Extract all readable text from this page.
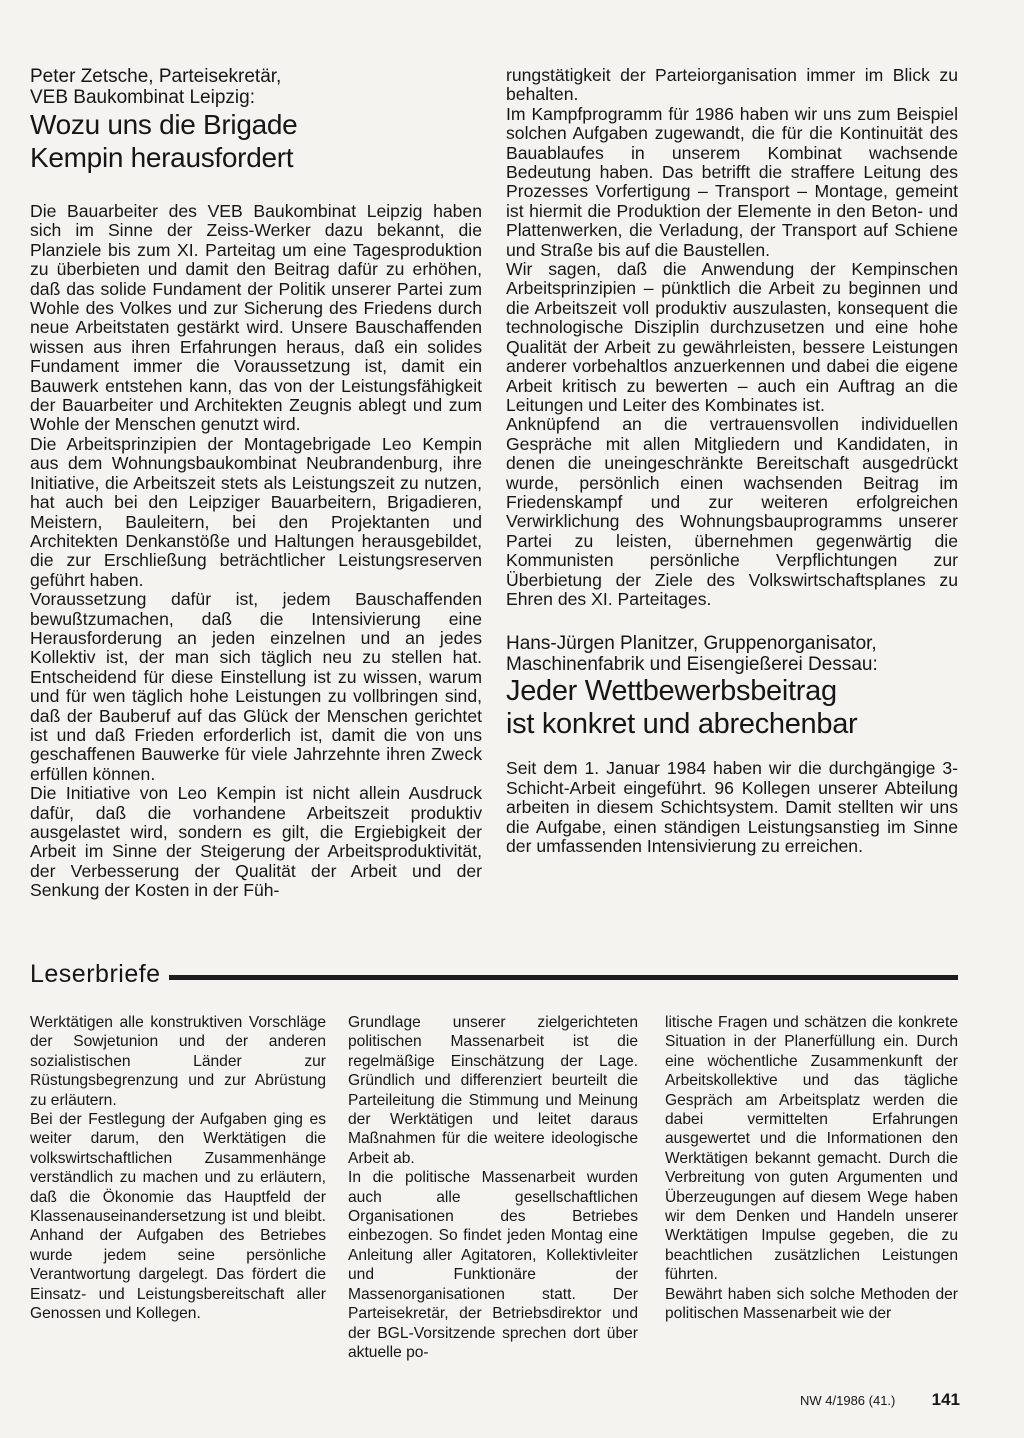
Peter Zetsche, Parteisekretär,
VEB Baukombinat Leipzig:

Wozu uns die Brigade
Kempin herausfordert

Die Bauarbeiter des VEB Baukombinat Leipzig haben sich im Sinne der Zeiss-Werker dazu bekannt, die Planziele bis zum XI. Parteitag um eine Tagesproduktion zu überbieten und damit den Beitrag dafür zu erhöhen, daß das solide Fundament der Politik unserer Partei zum Wohle des Volkes und zur Sicherung des Friedens durch neue Arbeitstaten gestärkt wird. Unsere Bauschaffenden wissen aus ihren Erfahrungen heraus, daß ein solides Fundament immer die Voraussetzung ist, damit ein Bauwerk entstehen kann, das von der Leistungsfähigkeit der Bauarbeiter und Architekten Zeugnis ablegt und zum Wohle der Menschen genutzt wird.

Die Arbeitsprinzipien der Montagebrigade Leo Kempin aus dem Wohnungsbaukombinat Neubrandenburg, ihre Initiative, die Arbeitszeit stets als Leistungszeit zu nutzen, hat auch bei den Leipziger Bauarbeitern, Brigadieren, Meistern, Bauleitern, bei den Projektanten und Architekten Denkanstöße und Haltungen herausgebildet, die zur Erschließung beträchtlicher Leistungsreserven geführt haben.

Voraussetzung dafür ist, jedem Bauschaffenden bewußtzumachen, daß die Intensivierung eine Herausforderung an jeden einzelnen und an jedes Kollektiv ist, der man sich täglich neu zu stellen hat. Entscheidend für diese Einstellung ist zu wissen, warum und für wen täglich hohe Leistungen zu vollbringen sind, daß der Bauberuf auf das Glück der Menschen gerichtet ist und daß Frieden erforderlich ist, damit die von uns geschaffenen Bauwerke für viele Jahrzehnte ihren Zweck erfüllen können.

Die Initiative von Leo Kempin ist nicht allein Ausdruck dafür, daß die vorhandene Arbeitszeit produktiv ausgelastet wird, sondern es gilt, die Ergiebigkeit der Arbeit im Sinne der Steigerung der Arbeitsproduktivität, der Verbesserung der Qualität der Arbeit und der Senkung der Kosten in der Füh-

rungstätigkeit der Parteiorganisation immer im Blick zu behalten.

Im Kampfprogramm für 1986 haben wir uns zum Beispiel solchen Aufgaben zugewandt, die für die Kontinuität des Bauablaufes in unserem Kombinat wachsende Bedeutung haben. Das betrifft die straffere Leitung des Prozesses Vorfertigung – Transport – Montage, gemeint ist hiermit die Produktion der Elemente in den Beton- und Plattenwerken, die Verladung, der Transport auf Schiene und Straße bis auf die Baustellen.

Wir sagen, daß die Anwendung der Kempinschen Arbeitsprinzipien – pünktlich die Arbeit zu beginnen und die Arbeitszeit voll produktiv auszulasten, konsequent die technologische Disziplin durchzusetzen und eine hohe Qualität der Arbeit zu gewährleisten, bessere Leistungen anderer vorbehaltlos anzuerkennen und dabei die eigene Arbeit kritisch zu bewerten – auch ein Auftrag an die Leitungen und Leiter des Kombinates ist.

Anknüpfend an die vertrauensvollen individuellen Gespräche mit allen Mitgliedern und Kandidaten, in denen die uneingeschränkte Bereitschaft ausgedrückt wurde, persönlich einen wachsenden Beitrag im Friedenskampf und zur weiteren erfolgreichen Verwirklichung des Wohnungsbauprogramms unserer Partei zu leisten, übernehmen gegenwärtig die Kommunisten persönliche Verpflichtungen zur Überbietung der Ziele des Volkswirtschaftsplanes zu Ehren des XI. Parteitages.

Hans-Jürgen Planitzer, Gruppenorganisator,
Maschinenfabrik und Eisengießerei Dessau:

Jeder Wettbewerbsbeitrag
ist konkret und abrechenbar

Seit dem 1. Januar 1984 haben wir die durchgängige 3-Schicht-Arbeit eingeführt. 96 Kollegen unserer Abteilung arbeiten in diesem Schichtsystem. Damit stellten wir uns die Aufgabe, einen ständigen Leistungsanstieg im Sinne der umfassenden Intensivierung zu erreichen.

Leserbriefe

Werktätigen alle konstruktiven Vorschläge der Sowjetunion und der anderen sozialistischen Länder zur Rüstungsbegrenzung und zur Abrüstung zu erläutern.

Bei der Festlegung der Aufgaben ging es weiter darum, den Werktätigen die volkswirtschaftlichen Zusammenhänge verständlich zu machen und zu erläutern, daß die Ökonomie das Hauptfeld der Klassenauseinandersetzung ist und bleibt. Anhand der Aufgaben des Betriebes wurde jedem seine persönliche Verantwortung dargelegt. Das fördert die Einsatz- und Leistungsbereitschaft aller Genossen und Kollegen.

Grundlage unserer zielgerichteten politischen Massenarbeit ist die regelmäßige Einschätzung der Lage. Gründlich und differenziert beurteilt die Parteileitung die Stimmung und Meinung der Werktätigen und leitet daraus Maßnahmen für die weitere ideologische Arbeit ab.

In die politische Massenarbeit wurden auch alle gesellschaftlichen Organisationen des Betriebes einbezogen. So findet jeden Montag eine Anleitung aller Agitatoren, Kollektivleiter und Funktionäre der Massenorganisationen statt. Der Parteisekretär, der Betriebsdirektor und der BGL-Vorsitzende sprechen dort über aktuelle po-

litische Fragen und schätzen die konkrete Situation in der Planerfüllung ein. Durch eine wöchentliche Zusammenkunft der Arbeitskollektive und das tägliche Gespräch am Arbeitsplatz werden die dabei vermittelten Erfahrungen ausgewertet und die Informationen den Werktätigen bekannt gemacht. Durch die Verbreitung von guten Argumenten und Überzeugungen auf diesem Wege haben wir dem Denken und Handeln unserer Werktätigen Impulse gegeben, die zu beachtlichen zusätzlichen Leistungen führten.

Bewährt haben sich solche Methoden der politischen Massenarbeit wie der

NW 4/1986 (41.) 141
